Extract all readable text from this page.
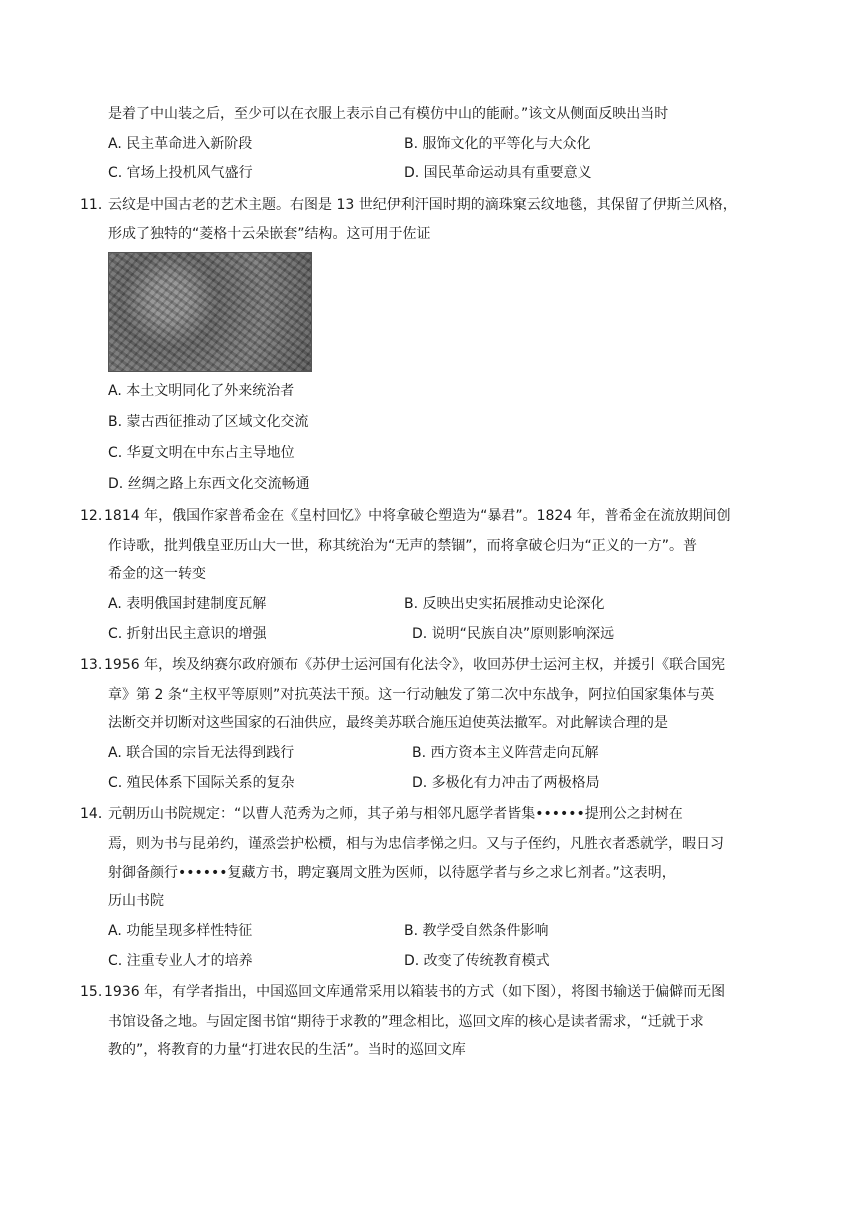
是着了中山装之后，至少可以在衣服上表示自己有模仿中山的能耐。”该文从侧面反映出当时
A. 民主革命进入新阶段	B. 服饰文化的平等化与大众化
C. 官场上投机风气盛行	D. 国民革命运动具有重要意义
11．
云纹是中国古老的艺术主题。右图是 13 世纪伊利汗国时期的滴珠窠云纹地毯，其保留了伊斯兰风格，
形成了独特的“菱格十云朵嵌套”结构。这可用于佐证
A. 本土文明同化了外来统治者
B. 蒙古西征推动了区域文化交流
C. 华夏文明在中东占主导地位
D. 丝绸之路上东西文化交流畅通
12. 1814 年，俄国作家普希金在《皇村回忆》中将拿破仑塑造为“暴君”。1824 年，普希金在流放期间创
作诗歌，批判俄皇亚历山大一世，称其统治为“无声的禁锢”，而将拿破仑归为“正义的一方”。普
希金的这一转变
A. 表明俄国封建制度瓦解	B. 反映出史实拓展推动史论深化
C. 折射出民主意识的增强	D. 说明“民族自决”原则影响深远
13. 1956 年，埃及纳赛尔政府颁布《苏伊士运河国有化法令》，收回苏伊士运河主权，并援引《联合国宪
章》第 2 条“主权平等原则”对抗英法干预。这一行动触发了第二次中东战争，阿拉伯国家集体与英
法断交并切断对这些国家的石油供应，最终美苏联合施压迫使英法撤军。对此解读合理的是
A. 联合国的宗旨无法得到践行	B. 西方资本主义阵营走向瓦解
C. 殖民体系下国际关系的复杂	D. 多极化有力冲击了两极格局
14．
元朝历山书院规定：“以曹人范秀为之师，其子弟与相邻凡愿学者皆集••••••提刑公之封树在
焉，则为书与昆弟约，谨烝尝护松槚，相与为忠信孝悌之归。又与子侄约，凡胜衣者悉就学，暇日习
射御备颜行••••••复藏方书，聘定襄周文胜为医师，以待愿学者与乡之求匕剂者。”这表明，
历山书院
A. 功能呈现多样性特征	B. 教学受自然条件影响
C. 注重专业人才的培养	D. 改变了传统教育模式
15. 1936 年，有学者指出，中国巡回文库通常采用以箱装书的方式（如下图），将图书输送于偏僻而无图
书馆设备之地。与固定图书馆“期待于求教的”理念相比，巡回文库的核心是读者需求，“迁就于求
教的”，将教育的力量“打进农民的生活”。当时的巡回文库
